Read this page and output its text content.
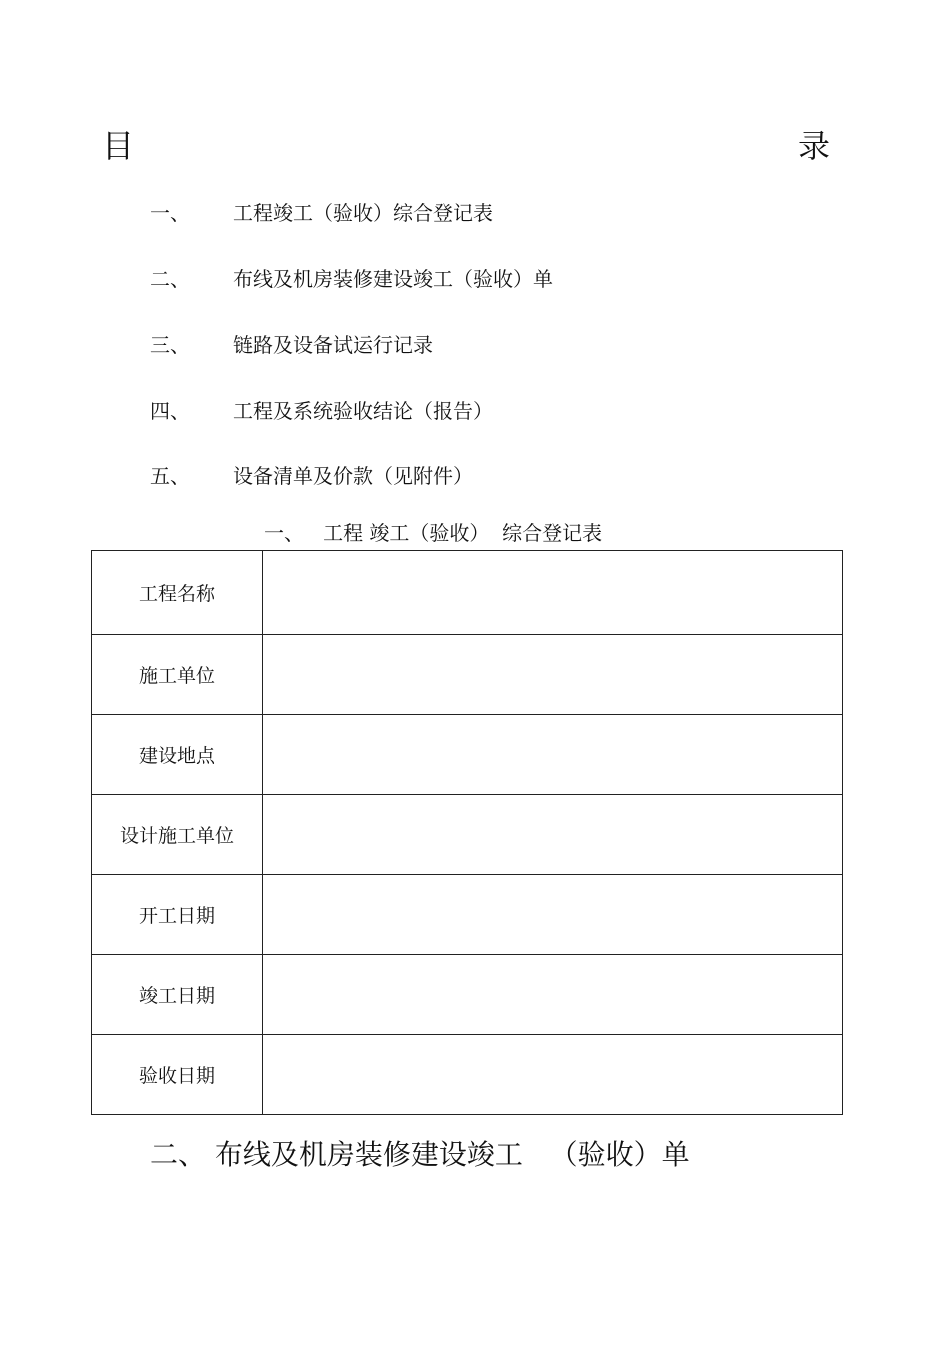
目	录
一、 工程竣工（验收）综合登记表
二、 布线及机房装修建设竣工（验收）单
三、 链路及设备试运行记录
四、 工程及系统验收结论（报告）
五、 设备清单及价款（见附件）
一、   工程 竣工（验收）  综合登记表
工程名称	
施工单位	
建设地点	
设计施工单位	
开工日期	
竣工日期	
验收日期	
二、 布线及机房装修建设竣工   （验收）单
